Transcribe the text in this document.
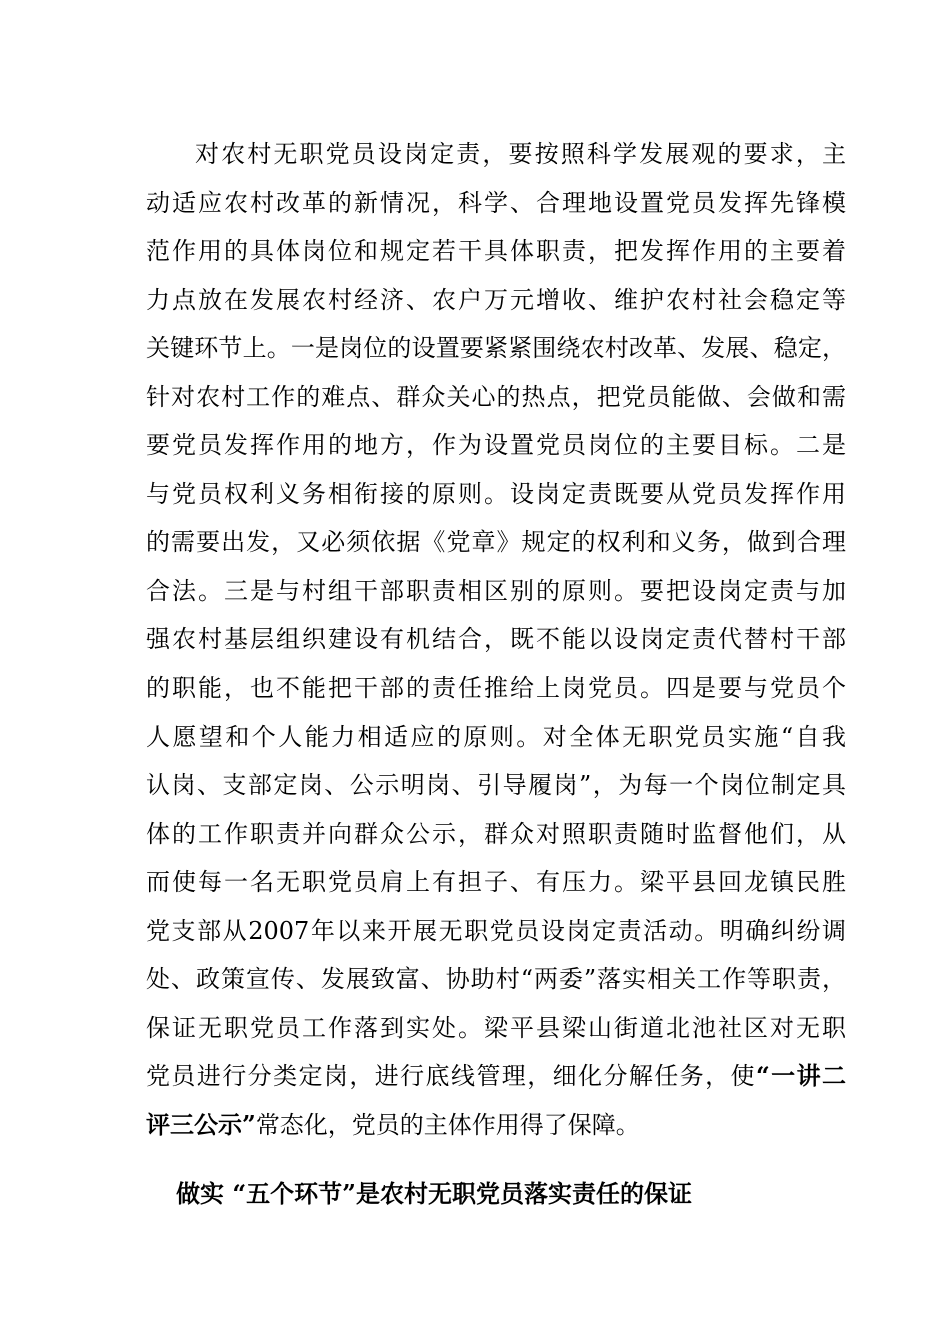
对农村无职党员设岗定责，要按照科学发展观的要求，主
动适应农村改革的新情况，科学、合理地设置党员发挥先锋模
范作用的具体岗位和规定若干具体职责，把发挥作用的主要着
力点放在发展农村经济、农户万元增收、维护农村社会稳定等
关键环节上。一是岗位的设置要紧紧围绕农村改革、发展、稳定，
针对农村工作的难点、群众关心的热点，把党员能做、会做和需
要党员发挥作用的地方，作为设置党员岗位的主要目标。二是
与党员权利义务相衔接的原则。设岗定责既要从党员发挥作用
的需要出发，又必须依据《党章》规定的权利和义务，做到合理
合法。三是与村组干部职责相区别的原则。要把设岗定责与加
强农村基层组织建设有机结合，既不能以设岗定责代替村干部
的职能，也不能把干部的责任推给上岗党员。四是要与党员个
人愿望和个人能力相适应的原则。对全体无职党员实施“自我
认岗、支部定岗、公示明岗、引导履岗”，为每一个岗位制定具
体的工作职责并向群众公示，群众对照职责随时监督他们，从
而使每一名无职党员肩上有担子、有压力。梁平县回龙镇民胜
党支部从2007年以来开展无职党员设岗定责活动。明确纠纷调
处、政策宣传、发展致富、协助村“两委”落实相关工作等职责，
保证无职党员工作落到实处。梁平县梁山街道北池社区对无职
党员进行分类定岗，进行底线管理，细化分解任务，使“一讲二
评三公示”常态化，党员的主体作用得了保障。
做实 “五个环节”是农村无职党员落实责任的保证
